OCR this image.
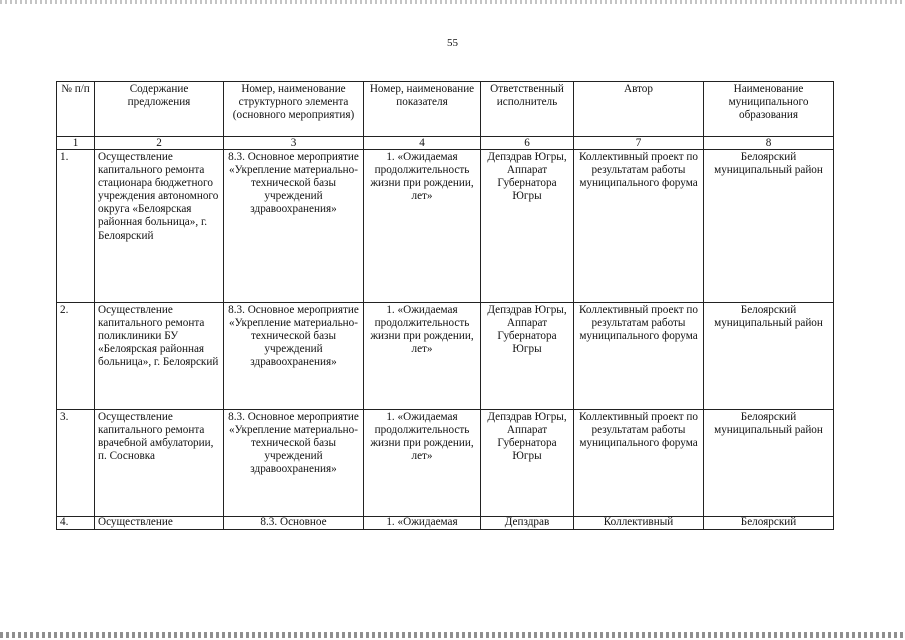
55
№ п/п	Содержание предложения	Номер, наименование структурного элемента (основного мероприятия)	Номер, наименование показателя	Ответственный исполнитель	Автор	Наименование муниципального образования
1	2	3	4	6	7	8
1.	Осуществление капитального ремонта стационара бюджетного учреждения автономного округа «Белоярская районная больница», г. Белоярский	8.3. Основное мероприятие «Укрепление материально-технической базы учреждений здравоохранения»	1. «Ожидаемая продолжительность жизни при рождении, лет»	Депздрав Югры, Аппарат Губернатора Югры	Коллективный проект по результатам работы муниципального форума	Белоярский муниципальный район
2.	Осуществление капитального ремонта поликлиники БУ «Белоярская районная больница», г. Белоярский	8.3. Основное мероприятие «Укрепление материально-технической базы учреждений здравоохранения»	1. «Ожидаемая продолжительность жизни при рождении, лет»	Депздрав Югры, Аппарат Губернатора Югры	Коллективный проект по результатам работы муниципального форума	Белоярский муниципальный район
3.	Осуществление капитального ремонта врачебной амбулатории, п. Сосновка	8.3. Основное мероприятие «Укрепление материально-технической базы учреждений здравоохранения»	1. «Ожидаемая продолжительность жизни при рождении, лет»	Депздрав Югры, Аппарат Губернатора Югры	Коллективный проект по результатам работы муниципального форума	Белоярский муниципальный район
4.	Осуществление	8.3. Основное	1. «Ожидаемая	Депздрав	Коллективный	Белоярский
